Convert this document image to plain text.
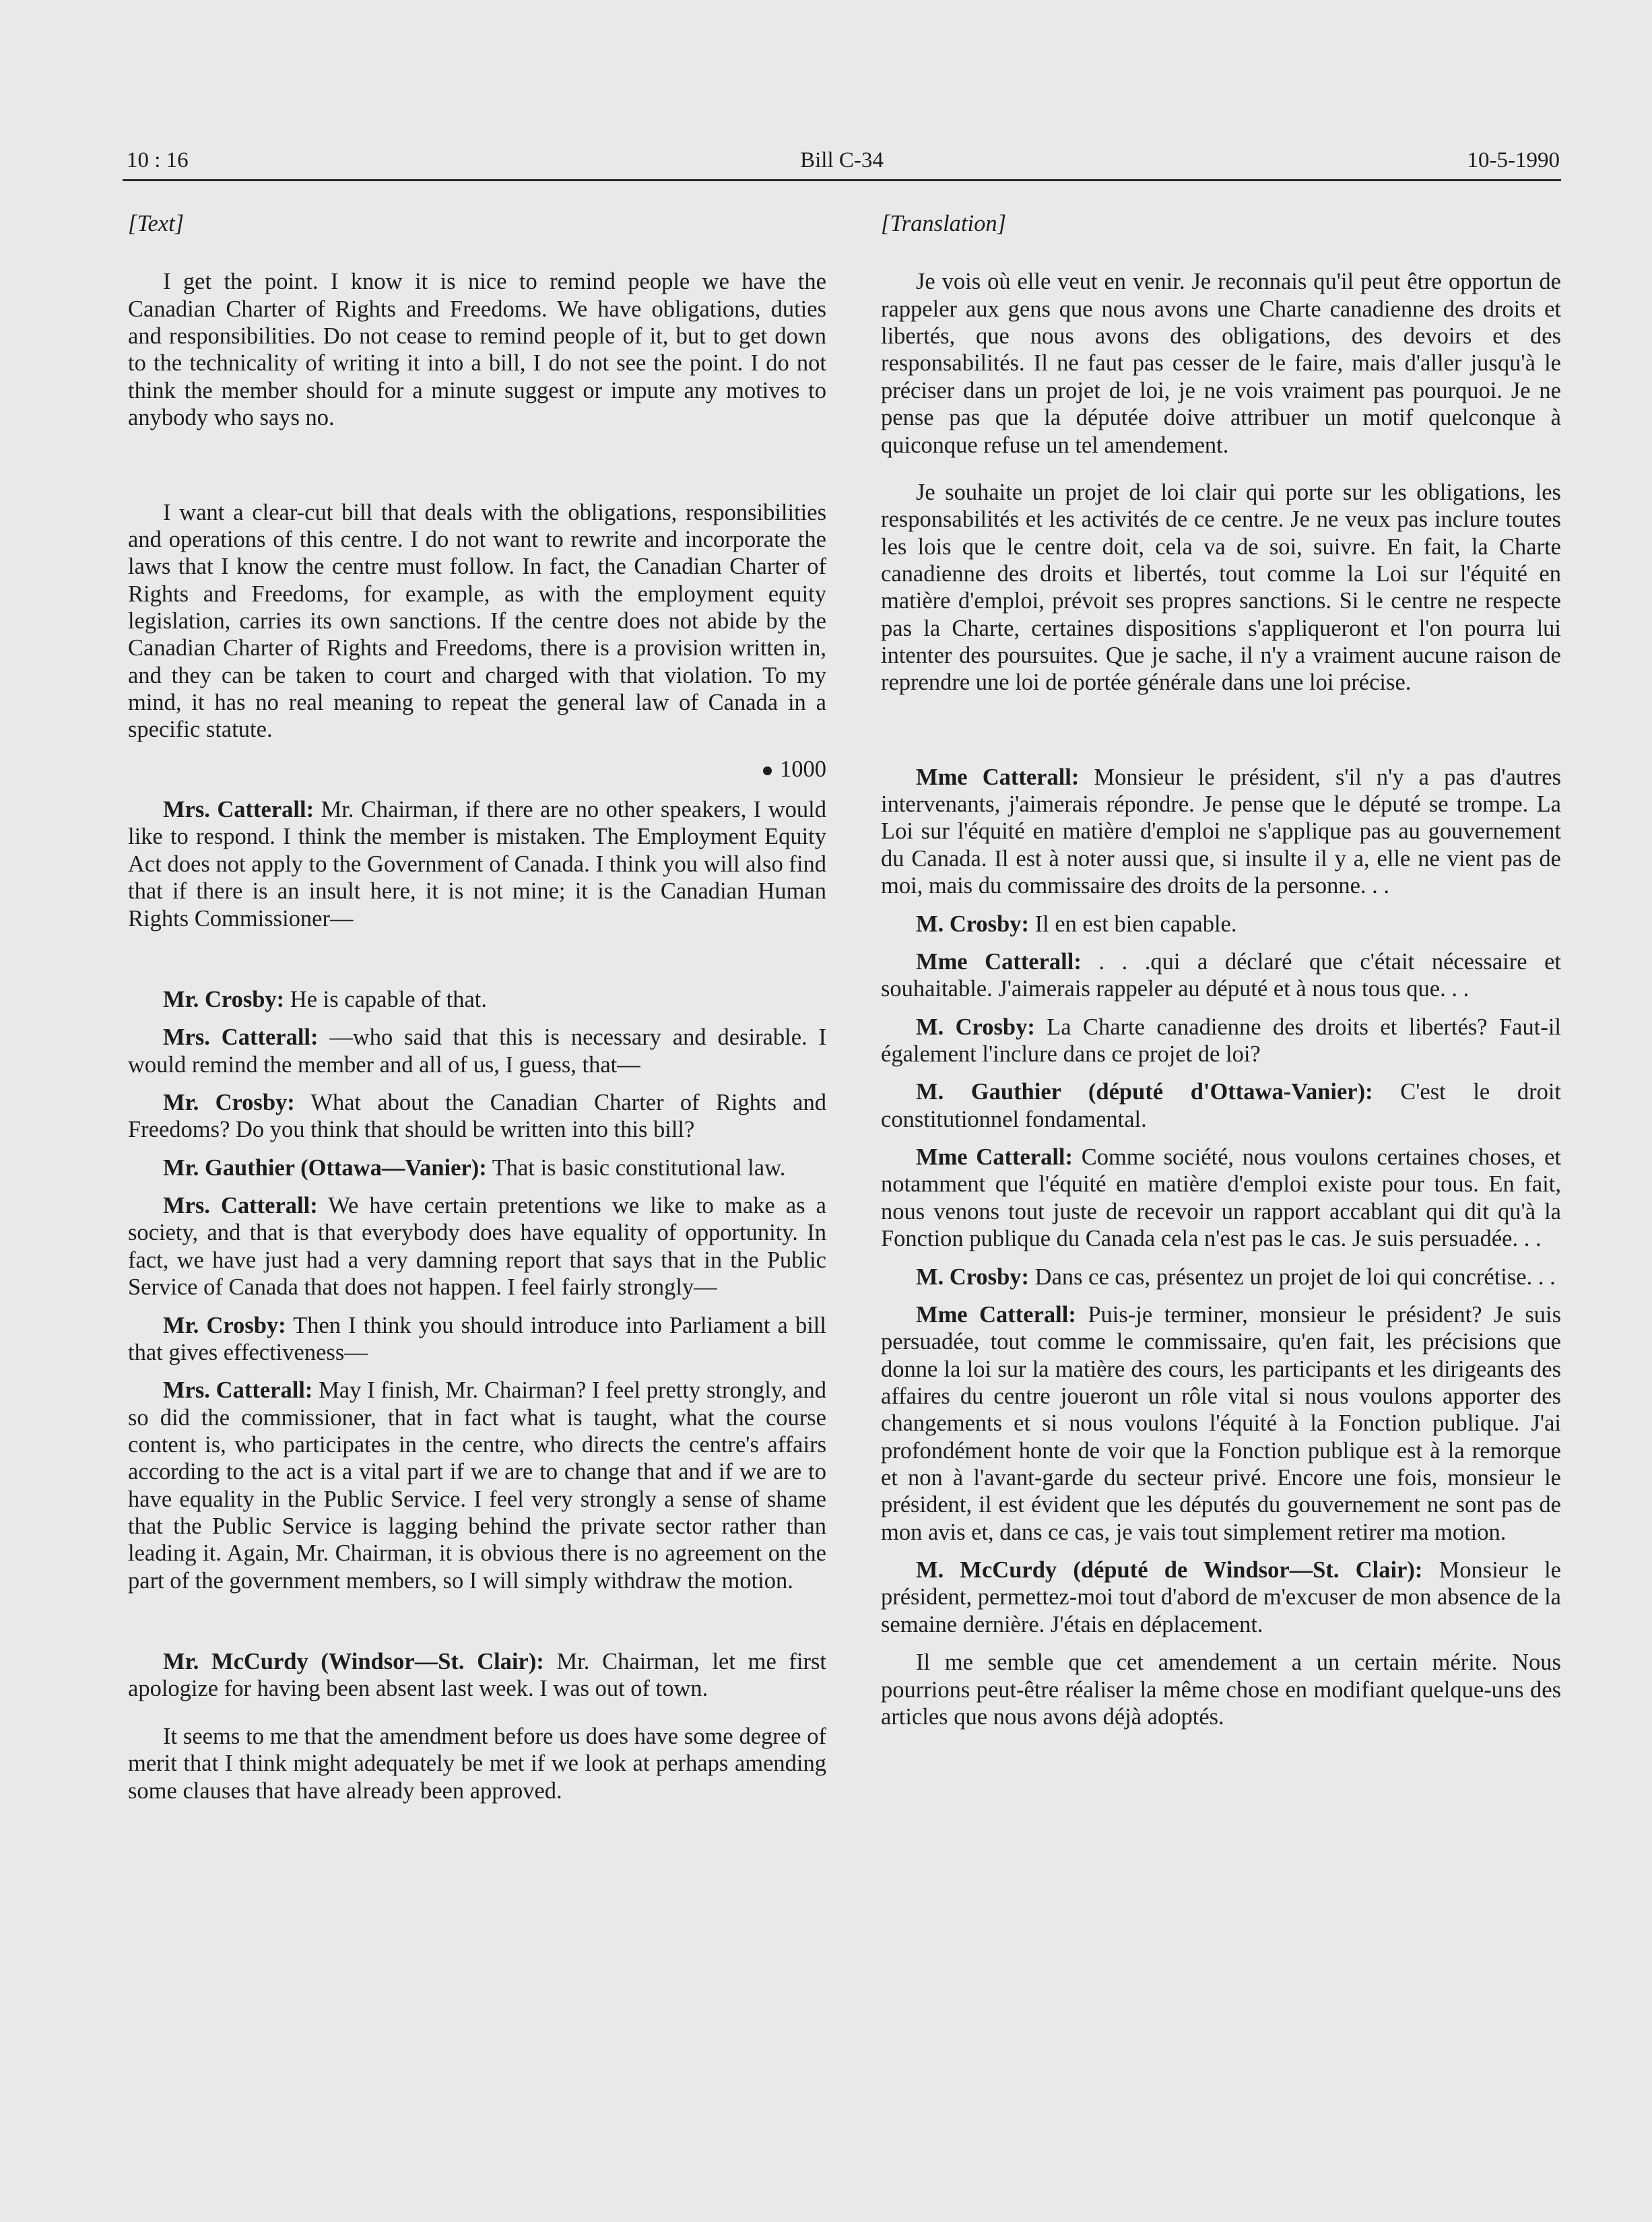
10 : 16	Bill C-34	10-5-1990

[Text]

I get the point. I know it is nice to remind people we have the Canadian Charter of Rights and Freedoms. We have obligations, duties and responsibilities. Do not cease to remind people of it, but to get down to the technicality of writing it into a bill, I do not see the point. I do not think the member should for a minute suggest or impute any motives to anybody who says no.

I want a clear-cut bill that deals with the obligations, responsibilities and operations of this centre. I do not want to rewrite and incorporate the laws that I know the centre must follow. In fact, the Canadian Charter of Rights and Freedoms, for example, as with the employment equity legislation, carries its own sanctions. If the centre does not abide by the Canadian Charter of Rights and Freedoms, there is a provision written in, and they can be taken to court and charged with that violation. To my mind, it has no real meaning to repeat the general law of Canada in a specific statute.

1000

Mrs. Catterall: Mr. Chairman, if there are no other speakers, I would like to respond. I think the member is mistaken. The Employment Equity Act does not apply to the Government of Canada. I think you will also find that if there is an insult here, it is not mine; it is the Canadian Human Rights Commissioner—

Mr. Crosby: He is capable of that.

Mrs. Catterall: —who said that this is necessary and desirable. I would remind the member and all of us, I guess, that—

Mr. Crosby: What about the Canadian Charter of Rights and Freedoms? Do you think that should be written into this bill?

Mr. Gauthier (Ottawa—Vanier): That is basic constitutional law.

Mrs. Catterall: We have certain pretentions we like to make as a society, and that is that everybody does have equality of opportunity. In fact, we have just had a very damning report that says that in the Public Service of Canada that does not happen. I feel fairly strongly—

Mr. Crosby: Then I think you should introduce into Parliament a bill that gives effectiveness—

Mrs. Catterall: May I finish, Mr. Chairman? I feel pretty strongly, and so did the commissioner, that in fact what is taught, what the course content is, who participates in the centre, who directs the centre's affairs according to the act is a vital part if we are to change that and if we are to have equality in the Public Service. I feel very strongly a sense of shame that the Public Service is lagging behind the private sector rather than leading it. Again, Mr. Chairman, it is obvious there is no agreement on the part of the government members, so I will simply withdraw the motion.

Mr. McCurdy (Windsor—St. Clair): Mr. Chairman, let me first apologize for having been absent last week. I was out of town.

It seems to me that the amendment before us does have some degree of merit that I think might adequately be met if we look at perhaps amending some clauses that have already been approved.

[Translation]

Je vois où elle veut en venir. Je reconnais qu'il peut être opportun de rappeler aux gens que nous avons une Charte canadienne des droits et libertés, que nous avons des obligations, des devoirs et des responsabilités. Il ne faut pas cesser de le faire, mais d'aller jusqu'à le préciser dans un projet de loi, je ne vois vraiment pas pourquoi. Je ne pense pas que la députée doive attribuer un motif quelconque à quiconque refuse un tel amendement.

Je souhaite un projet de loi clair qui porte sur les obligations, les responsabilités et les activités de ce centre. Je ne veux pas inclure toutes les lois que le centre doit, cela va de soi, suivre. En fait, la Charte canadienne des droits et libertés, tout comme la Loi sur l'équité en matière d'emploi, prévoit ses propres sanctions. Si le centre ne respecte pas la Charte, certaines dispositions s'appliqueront et l'on pourra lui intenter des poursuites. Que je sache, il n'y a vraiment aucune raison de reprendre une loi de portée générale dans une loi précise.

Mme Catterall: Monsieur le président, s'il n'y a pas d'autres intervenants, j'aimerais répondre. Je pense que le député se trompe. La Loi sur l'équité en matière d'emploi ne s'applique pas au gouvernement du Canada. Il est à noter aussi que, si insulte il y a, elle ne vient pas de moi, mais du commissaire des droits de la personne. . .

M. Crosby: Il en est bien capable.

Mme Catterall: . . .qui a déclaré que c'était nécessaire et souhaitable. J'aimerais rappeler au député et à nous tous que. . .

M. Crosby: La Charte canadienne des droits et libertés? Faut-il également l'inclure dans ce projet de loi?

M. Gauthier (député d'Ottawa-Vanier): C'est le droit constitutionnel fondamental.

Mme Catterall: Comme société, nous voulons certaines choses, et notamment que l'équité en matière d'emploi existe pour tous. En fait, nous venons tout juste de recevoir un rapport accablant qui dit qu'à la Fonction publique du Canada cela n'est pas le cas. Je suis persuadée. . .

M. Crosby: Dans ce cas, présentez un projet de loi qui concrétise. . .

Mme Catterall: Puis-je terminer, monsieur le président? Je suis persuadée, tout comme le commissaire, qu'en fait, les précisions que donne la loi sur la matière des cours, les participants et les dirigeants des affaires du centre joueront un rôle vital si nous voulons apporter des changements et si nous voulons l'équité à la Fonction publique. J'ai profondément honte de voir que la Fonction publique est à la remorque et non à l'avant-garde du secteur privé. Encore une fois, monsieur le président, il est évident que les députés du gouvernement ne sont pas de mon avis et, dans ce cas, je vais tout simplement retirer ma motion.

M. McCurdy (député de Windsor—St. Clair): Monsieur le président, permettez-moi tout d'abord de m'excuser de mon absence de la semaine dernière. J'étais en déplacement.

Il me semble que cet amendement a un certain mérite. Nous pourrions peut-être réaliser la même chose en modifiant quelque-uns des articles que nous avons déjà adoptés.
